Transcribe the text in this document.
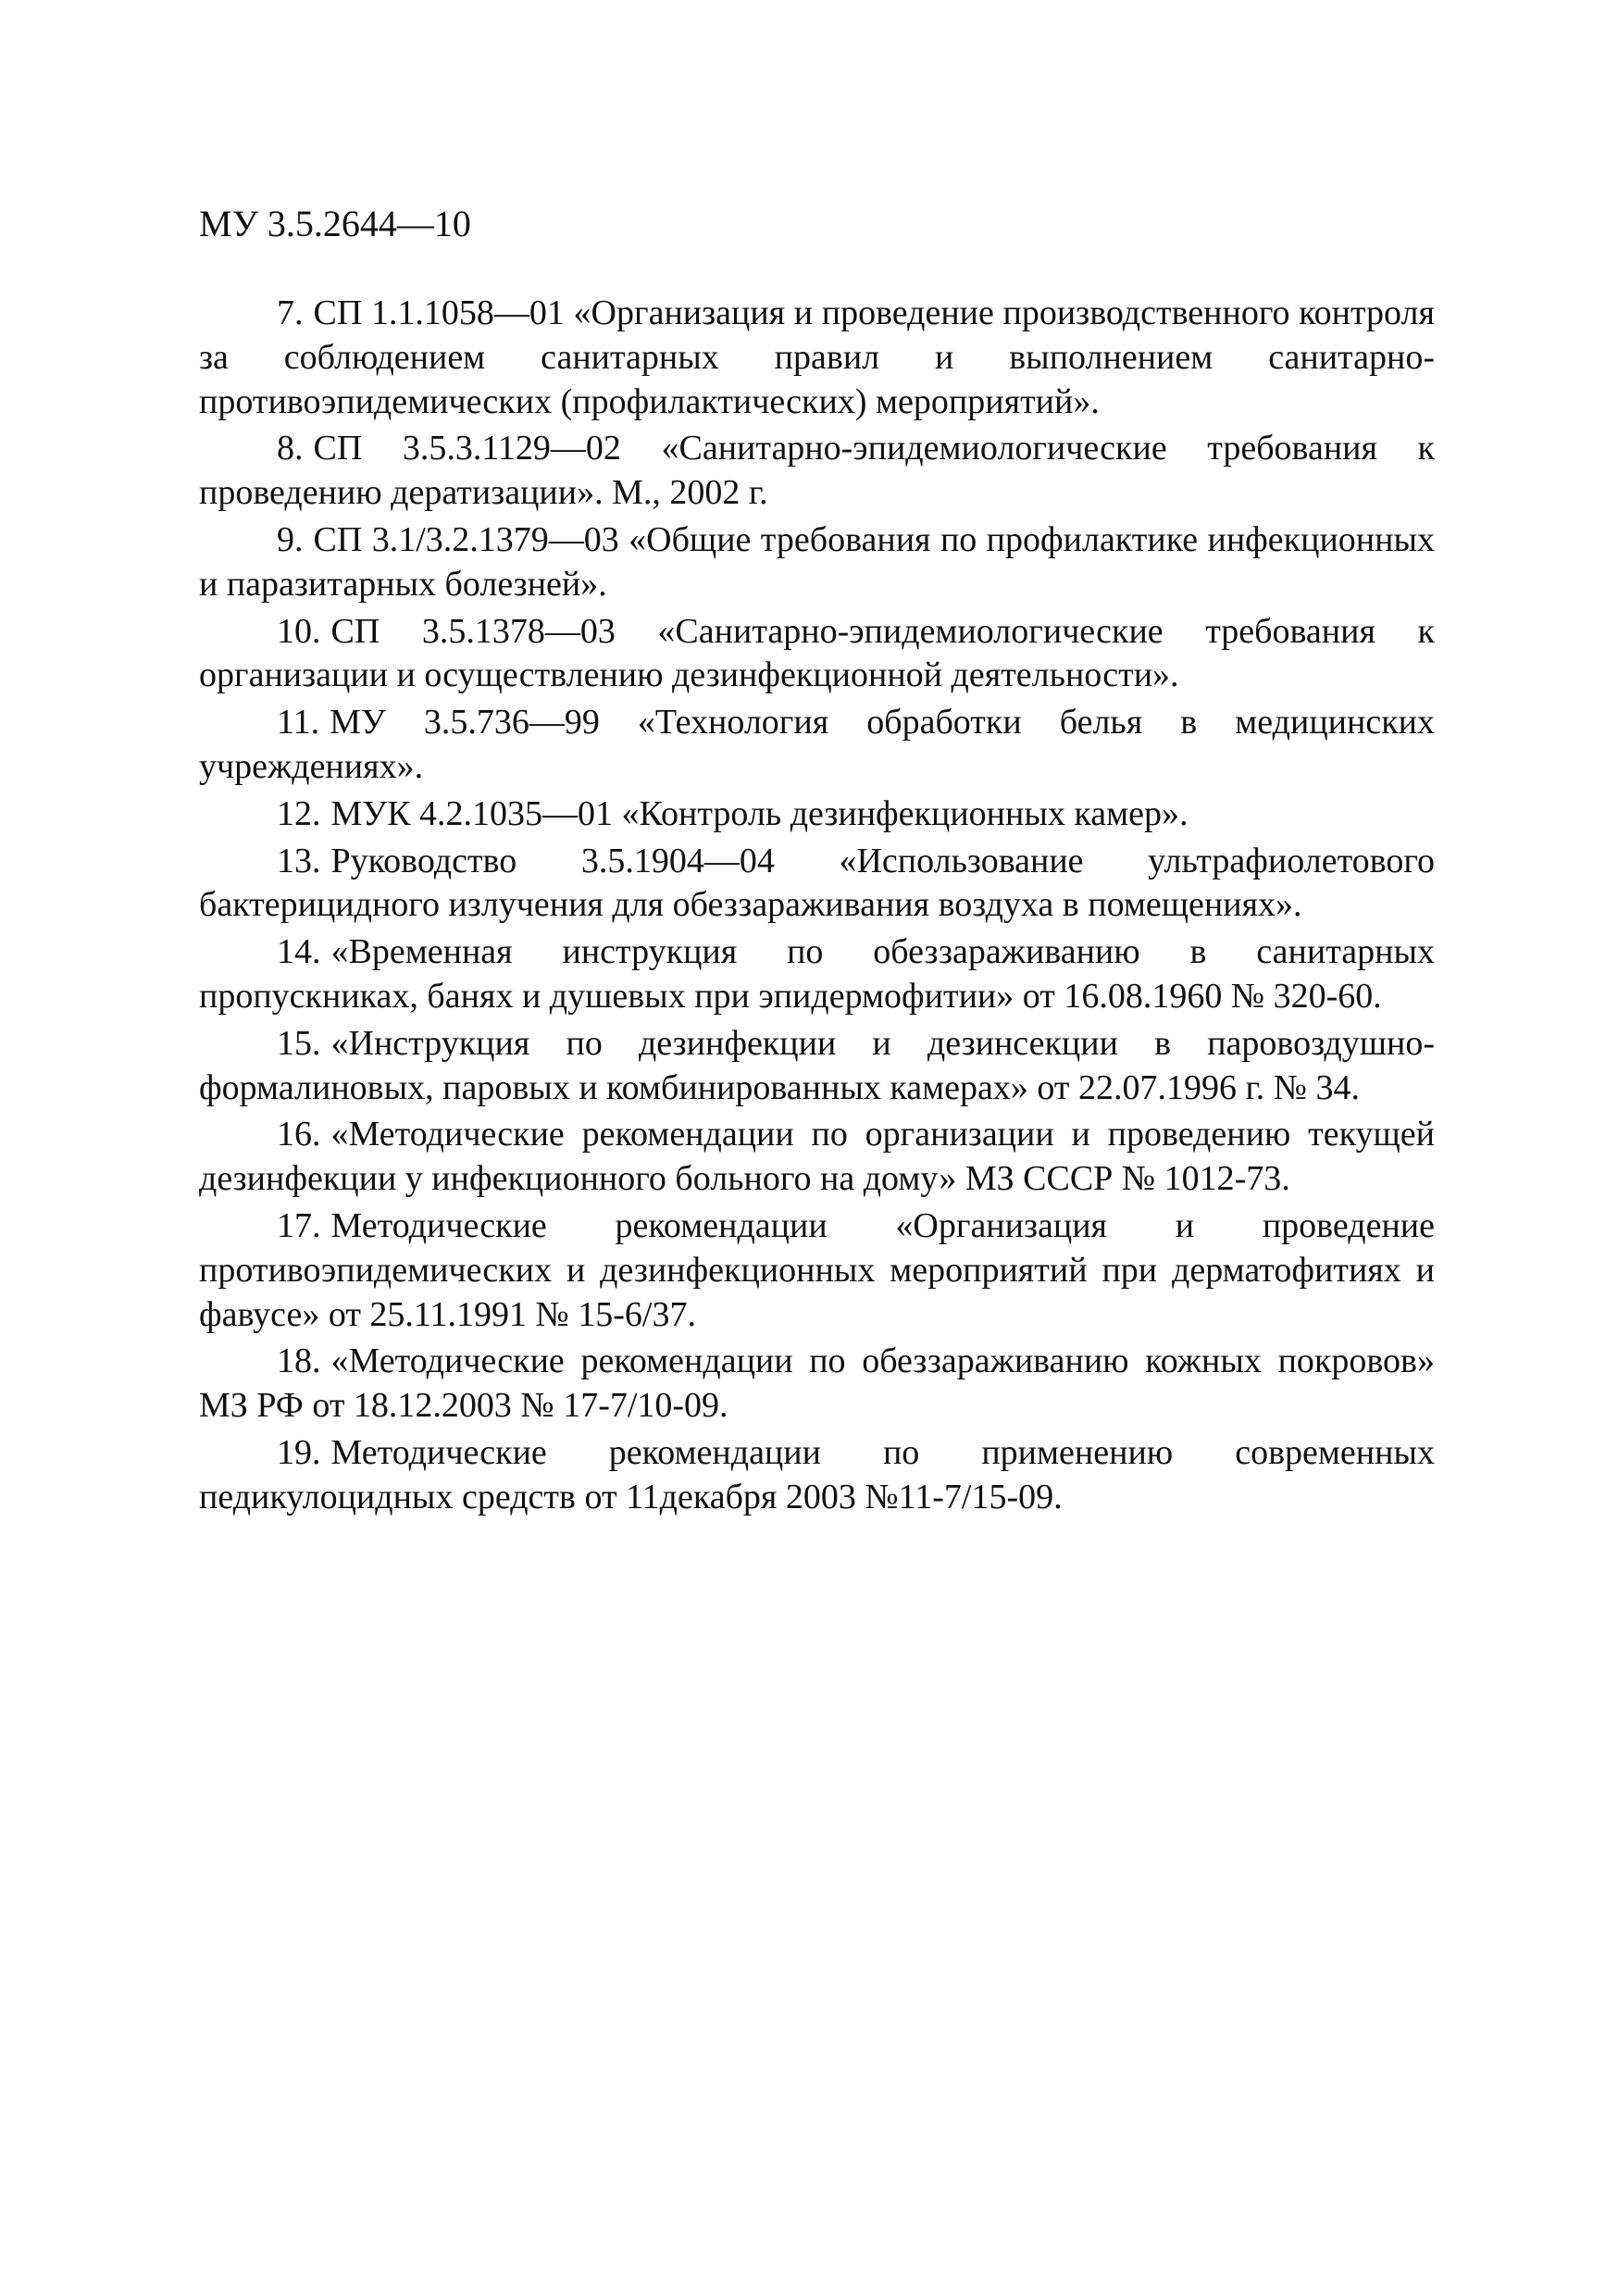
МУ 3.5.2644—10
7. СП 1.1.1058—01 «Организация и проведение производственного контроля за соблюдением санитарных правил и выполнением санитарно-противоэпидемических (профилактических) мероприятий».
8. СП 3.5.3.1129—02 «Санитарно-эпидемиологические требования к проведению дератизации». М., 2002 г.
9. СП 3.1/3.2.1379—03 «Общие требования по профилактике инфекционных и паразитарных болезней».
10. СП 3.5.1378—03 «Санитарно-эпидемиологические требования к организации и осуществлению дезинфекционной деятельности».
11. МУ 3.5.736—99 «Технология обработки белья в медицинских учреждениях».
12. МУК 4.2.1035—01 «Контроль дезинфекционных камер».
13. Руководство 3.5.1904—04 «Использование ультрафиолетового бактерицидного излучения для обеззараживания воздуха в помещениях».
14. «Временная инструкция по обеззараживанию в санитарных пропускниках, банях и душевых при эпидермофитии» от 16.08.1960 № 320-60.
15. «Инструкция по дезинфекции и дезинсекции в паровоздушно-формалиновых, паровых и комбинированных камерах» от 22.07.1996 г. № 34.
16. «Методические рекомендации по организации и проведению текущей дезинфекции у инфекционного больного на дому» МЗ СССР № 1012-73.
17. Методические рекомендации «Организация и проведение противоэпидемических и дезинфекционных мероприятий при дерматофитиях и фавусе» от 25.11.1991 № 15-6/37.
18. «Методические рекомендации по обеззараживанию кожных покровов» МЗ РФ от 18.12.2003 № 17-7/10-09.
19. Методические рекомендации по применению современных педикулоцидных средств от 11декабря 2003 №11-7/15-09.
